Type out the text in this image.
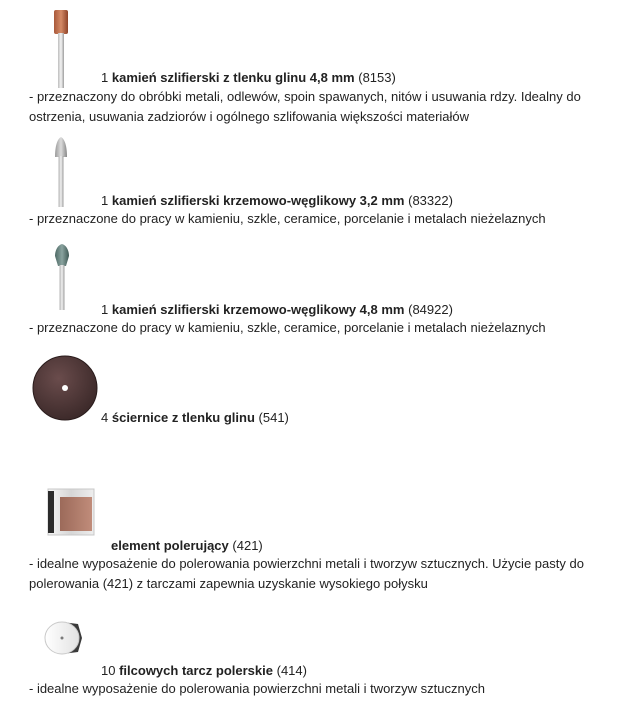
1 kamień szlifierski z tlenku glinu 4,8 mm (8153)
- przeznaczony do obróbki metali, odlewów, spoin spawanych, nitów i usuwania rdzy. Idealny do ostrzenia, usuwania zadziorów i ogólnego szlifowania większości materiałów
1 kamień szlifierski krzemowo-węglikowy 3,2 mm (83322)
- przeznaczone do pracy w kamieniu, szkle, ceramice, porcelanie i metalach nieżelaznych
1 kamień szlifierski krzemowo-węglikowy 4,8 mm (84922)
- przeznaczone do pracy w kamieniu, szkle, ceramice, porcelanie i metalach nieżelaznych
4 ściernice z tlenku glinu (541)
element polerujący (421)
- idealne wyposażenie do polerowania powierzchni metali i tworzyw sztucznych. Użycie pasty do polerowania (421) z tarczami zapewnia uzyskanie wysokiego połysku
10 filcowych tarcz polerskie (414)
- idealne wyposażenie do polerowania powierzchni metali i tworzyw sztucznych
